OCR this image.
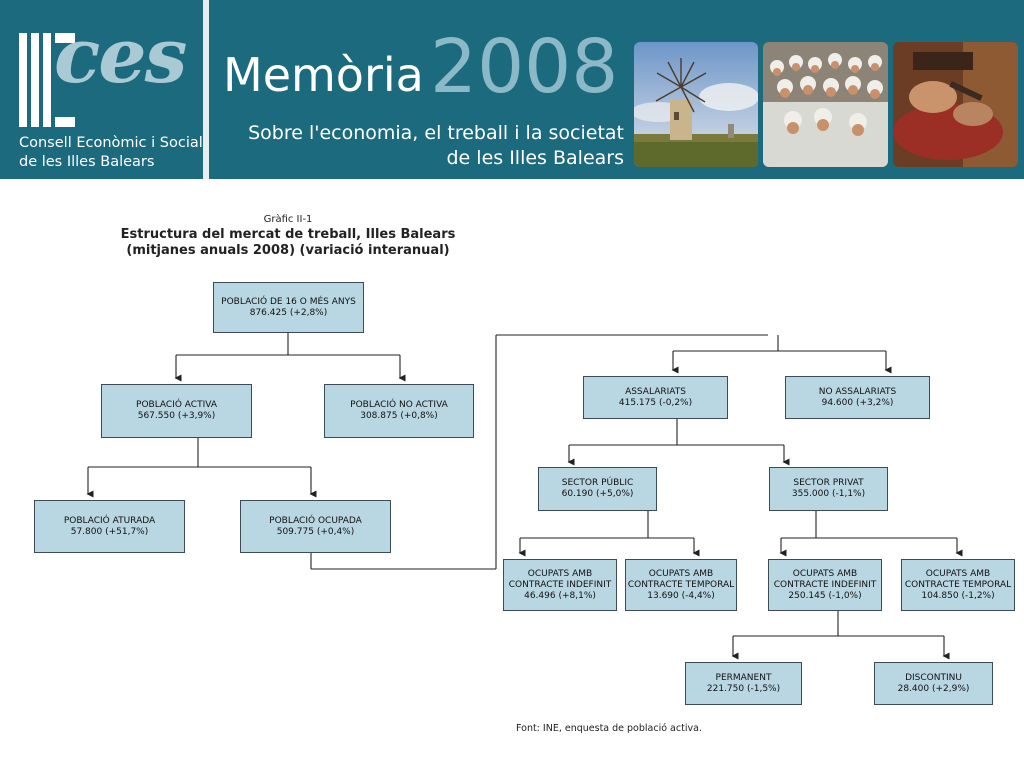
ces
Consell Econòmic i Social
de les Illes Balears
Memòria 2008
Sobre l'economia, el treball i la societat
de les Illes Balears
Gràfic II-1
Estructura del mercat de treball, Illes Balears
(mitjanes anuals 2008) (variació interanual)
POBLACIÓ DE 16 O MÉS ANYS
876.425 (+2,8%)
POBLACIÓ ACTIVA
567.550 (+3,9%)
POBLACIÓ NO ACTIVA
308.875 (+0,8%)
POBLACIÓ ATURADA
57.800 (+51,7%)
POBLACIÓ OCUPADA
509.775 (+0,4%)
ASSALARIATS
415.175 (-0,2%)
NO ASSALARIATS
94.600 (+3,2%)
SECTOR PÚBLIC
60.190 (+5,0%)
SECTOR PRIVAT
355.000 (-1,1%)
OCUPATS AMB
CONTRACTE INDEFINIT
46.496 (+8,1%)
OCUPATS AMB
CONTRACTE TEMPORAL
13.690 (-4,4%)
OCUPATS AMB
CONTRACTE INDEFINIT
250.145 (-1,0%)
OCUPATS AMB
CONTRACTE TEMPORAL
104.850 (-1,2%)
PERMANENT
221.750 (-1,5%)
DISCONTINU
28.400 (+2,9%)
Font: INE, enquesta de població activa.
